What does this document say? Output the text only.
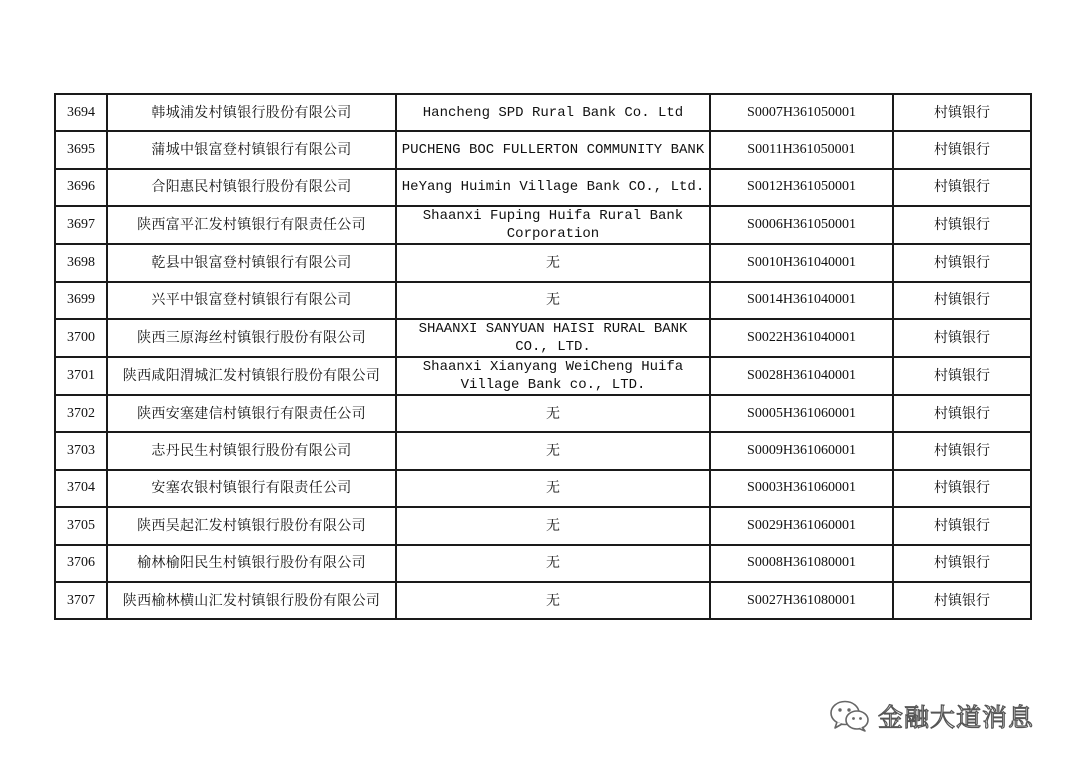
3694	韩城浦发村镇银行股份有限公司	Hancheng SPD Rural Bank Co. Ltd	S0007H361050001	村镇银行
3695	蒲城中银富登村镇银行有限公司	PUCHENG BOC FULLERTON COMMUNITY BANK	S0011H361050001	村镇银行
3696	合阳惠民村镇银行股份有限公司	HeYang Huimin Village Bank CO., Ltd.	S0012H361050001	村镇银行
3697	陕西富平汇发村镇银行有限责任公司	Shaanxi Fuping Huifa Rural Bank Corporation	S0006H361050001	村镇银行
3698	乾县中银富登村镇银行有限公司	无	S0010H361040001	村镇银行
3699	兴平中银富登村镇银行有限公司	无	S0014H361040001	村镇银行
3700	陕西三原海丝村镇银行股份有限公司	SHAANXI SANYUAN HAISI RURAL BANK CO., LTD.	S0022H361040001	村镇银行
3701	陕西咸阳渭城汇发村镇银行股份有限公司	Shaanxi Xianyang WeiCheng Huifa Village Bank co., LTD.	S0028H361040001	村镇银行
3702	陕西安塞建信村镇银行有限责任公司	无	S0005H361060001	村镇银行
3703	志丹民生村镇银行股份有限公司	无	S0009H361060001	村镇银行
3704	安塞农银村镇银行有限责任公司	无	S0003H361060001	村镇银行
3705	陕西吴起汇发村镇银行股份有限公司	无	S0029H361060001	村镇银行
3706	榆林榆阳民生村镇银行股份有限公司	无	S0008H361080001	村镇银行
3707	陕西榆林横山汇发村镇银行股份有限公司	无	S0027H361080001	村镇银行
金融大道消息
